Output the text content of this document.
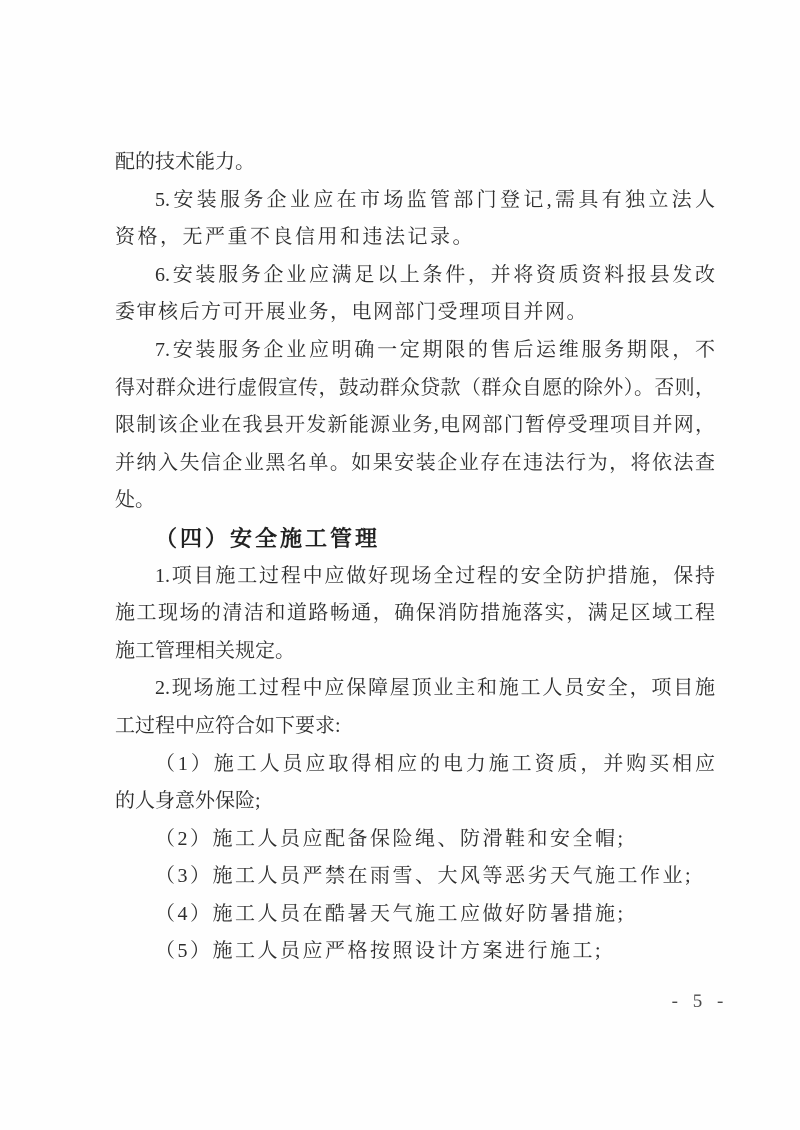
配的技术能力。
5.安装服务企业应在市场监管部门登记,需具有独立法人
资格，无严重不良信用和违法记录。
6.安装服务企业应满足以上条件，并将资质资料报县发改
委审核后方可开展业务，电网部门受理项目并网。
7.安装服务企业应明确一定期限的售后运维服务期限，不
得对群众进行虚假宣传，鼓动群众贷款（群众自愿的除外）。否则，
限制该企业在我县开发新能源业务,电网部门暂停受理项目并网，
并纳入失信企业黑名单。如果安装企业存在违法行为，将依法查
处。
（四）安全施工管理
1.项目施工过程中应做好现场全过程的安全防护措施，保持
施工现场的清洁和道路畅通，确保消防措施落实，满足区域工程
施工管理相关规定。
2.现场施工过程中应保障屋顶业主和施工人员安全，项目施
工过程中应符合如下要求:
（1）施工人员应取得相应的电力施工资质，并购买相应
的人身意外保险;
（2）施工人员应配备保险绳、防滑鞋和安全帽;
（3）施工人员严禁在雨雪、大风等恶劣天气施工作业;
（4）施工人员在酷暑天气施工应做好防暑措施;
（5）施工人员应严格按照设计方案进行施工;
- 5 -
